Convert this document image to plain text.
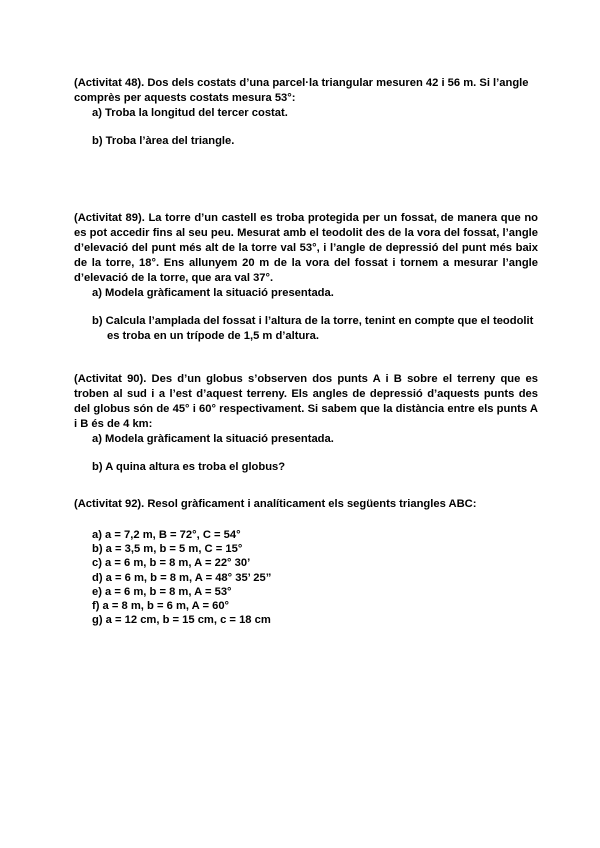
(Activitat 48). Dos dels costats d’una parcel·la triangular mesuren 42 i 56 m. Si l’angle comprès per aquests costats mesura 53°:

a) Troba la longitud del tercer costat.

b) Troba l’àrea del triangle.

(Activitat 89). La torre d’un castell es troba protegida per un fossat, de manera que no es pot accedir fins al seu peu. Mesurat amb el teodolit des de la vora del fossat, l’angle d’elevació del punt més alt de la torre val 53°, i l’angle de depressió del punt més baix de la torre, 18°. Ens allunyem 20 m de la vora del fossat i tornem a mesurar l’angle d’elevació de la torre, que ara val 37°.

a) Modela gràficament la situació presentada.

b) Calcula l’amplada del fossat i l’altura de la torre, tenint en compte que el teodolit es troba en un trípode de 1,5 m d’altura.

(Activitat 90). Des d’un globus s’observen dos punts A i B sobre el terreny que es troben al sud i a l’est d’aquest terreny. Els angles de depressió d’aquests punts des del globus són de 45° i 60° respectivament. Si sabem que la distància entre els punts A i B és de 4 km:

a) Modela gràficament la situació presentada.

b) A quina altura es troba el globus?

(Activitat 92). Resol gràficament i analíticament els següents triangles ABC:

a) a = 7,2 m, B = 72°, C = 54°

b) a = 3,5 m, b = 5 m, C = 15°

c) a = 6 m, b = 8 m, A = 22° 30’

d) a = 6 m, b = 8 m, A = 48° 35’ 25”

e) a = 6 m, b = 8 m, A = 53°

f) a = 8 m, b = 6 m, A = 60°

g) a = 12 cm, b = 15 cm, c = 18 cm
